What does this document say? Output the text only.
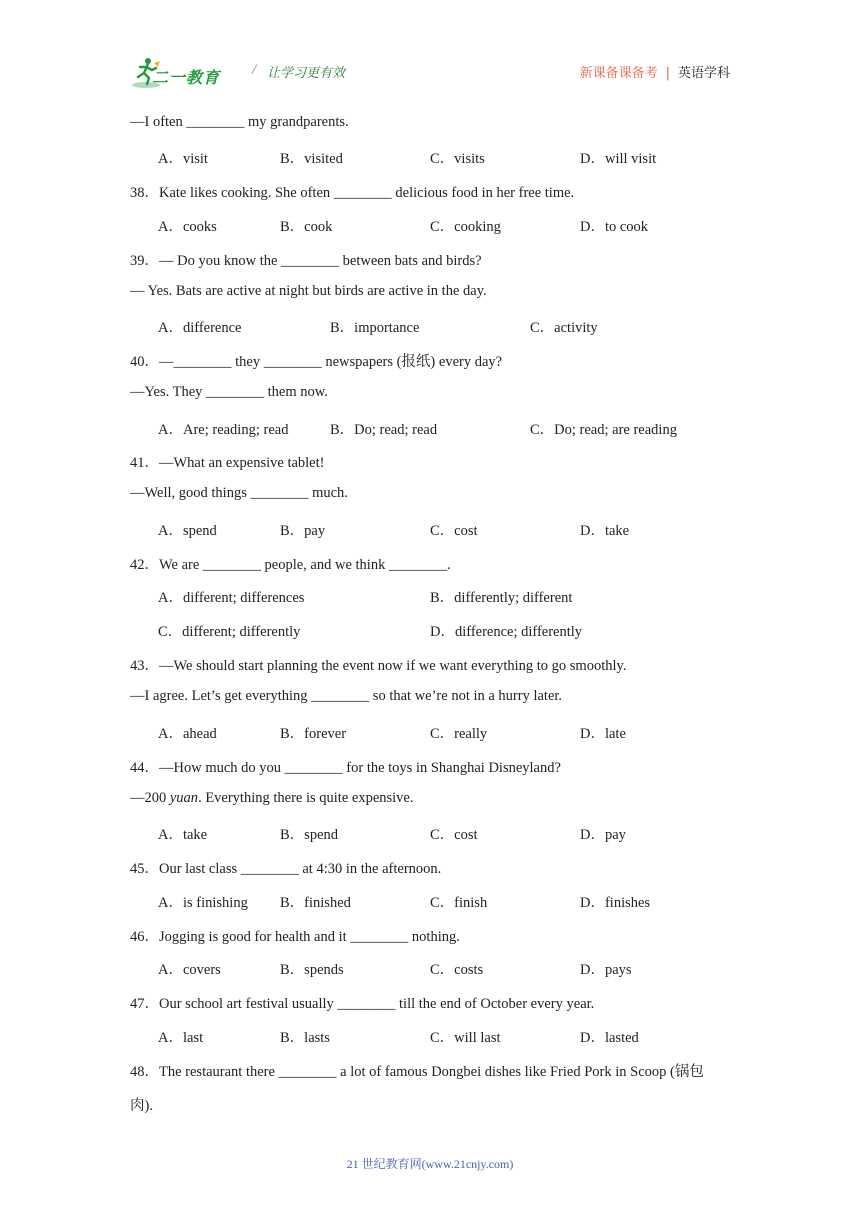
二一教育 / 让学习更有效	新课备课备考 | 英语学科
—I often ________ my grandparents.
A．visit	B．visited	C．visits	D．will visit
38．Kate likes cooking. She often ________ delicious food in her free time.
A．cooks	B．cook	C．cooking	D．to cook
39．— Do you know the ________ between bats and birds?
— Yes. Bats are active at night but birds are active in the day.
A．difference	B．importance	C．activity
40．—________ they ________ newspapers (报纸) every day?
—Yes. They ________ them now.
A．Are; reading; read	B．Do; read; read	C．Do; read; are reading
41．—What an expensive tablet!
—Well, good things ________ much.
A．spend	B．pay	C．cost	D．take
42．We are ________ people, and we think ________.
A．different; differences	B．differently; different
C．different; differently	D．difference; differently
43．—We should start planning the event now if we want everything to go smoothly.
—I agree. Let’s get everything ________ so that we’re not in a hurry later.
A．ahead	B．forever	C．really	D．late
44．—How much do you ________ for the toys in Shanghai Disneyland?
—200 yuan. Everything there is quite expensive.
A．take	B．spend	C．cost	D．pay
45．Our last class ________ at 4:30 in the afternoon.
A．is finishing B．finished	C．finish	D．finishes
46．Jogging is good for health and it ________ nothing.
A．covers	B．spends	C．costs	D．pays
47．Our school art festival usually ________ till the end of October every year.
A．last	B．lasts	C．will last	D．lasted
48．The restaurant there ________ a lot of famous Dongbei dishes like Fried Pork in Scoop (锅包
肉).
21 世纪教育网(www.21cnjy.com)
